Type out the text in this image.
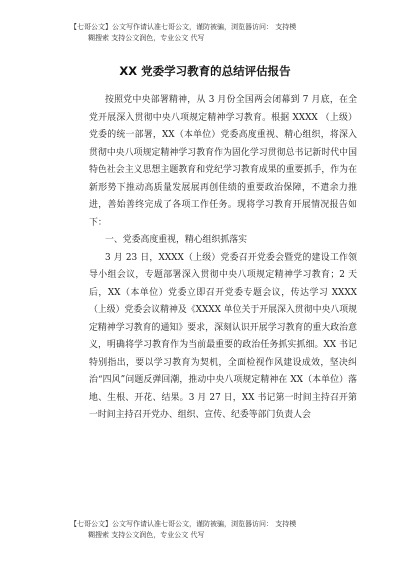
【七哥公文】公文写作请认准七哥公文，谨防被骗，浏览器访问： 支持模
糊搜索 支持公文润色，专业公文 代写
XX 党委学习教育的总结评估报告

按照党中央部署精神，从 3 月份全国两会闭幕到 7 月底，在全党开展深入贯彻中央八项规定精神学习教育。根据 XXXX （上级）党委的统一部署，XX（本单位）党委高度重视、精心组织，将深入贯彻中央八项规定精神学习教育作为固化学习贯彻总书记新时代中国特色社会主义思想主题教育和党纪学习教育成果的重要抓手，作为在新形势下推动高质量发展展再创佳绩的重要政治保障，不遣余力推进，善始善终完成了各项工作任务。现将学习教育开展情况报告如下：

一、党委高度重视，精心组织抓落实

3 月 23 日，XXXX（上级）党委召开党委会暨党的建设工作领导小组会议，专题部署深入贯彻中央八项规定精神学习教育；2 天后，XX（本单位）党委立即召开党委专题会议，传达学习 XXXX（上级）党委会议精神及《XXXX 单位关于开展深入贯彻中央八项规定精神学习教育的通知》要求，深刻认识开展学习教育的重大政治意义，明确将学习教育作为当前最重要的政治任务抓实抓细。XX 书记特别指出，要以学习教育为契机，全面检视作风建设成效，坚决纠治“四风”问题反弹回潮，推动中央八项规定精神在 XX（本单位）落地、生根、开花、结果。3 月 27 日，XX 书记第一时间主持召开第一时间主持召开党办、组织、宣传、纪委等部门负责人会

【七哥公文】公文写作请认准七哥公文，谨防被骗，浏览器访问： 支持模
糊搜索 支持公文润色，专业公文 代写
